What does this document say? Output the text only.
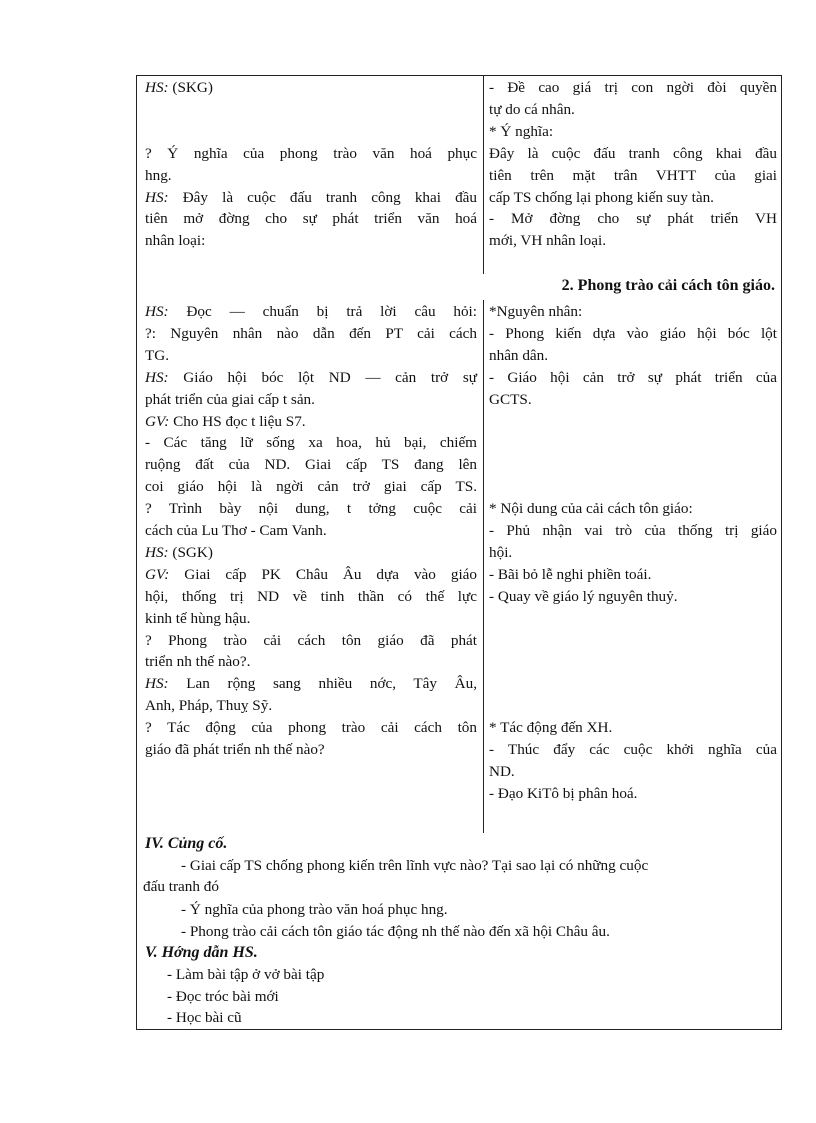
HS: (SKG)
? Ý nghĩa của phong trào văn hoá phục
hng.
HS: Đây là cuộc đấu tranh công khai đầu
tiên mở đờng cho sự phát triển văn hoá
nhân loại:
- Đề cao giá trị con ngời đòi quyền
tự do cá nhân.
* Ý nghĩa:
Đây là cuộc đấu tranh công khai đầu
tiên trên mặt trân VHTT của giai
cấp TS chống lại phong kiến suy tàn.
- Mở đờng cho sự phát triển VH
mới, VH nhân loại.
2. Phong trào cải cách tôn giáo.
HS: Đọc — chuẩn bị trả lời câu hỏi:
?: Nguyên nhân nào dẫn đến PT cải cách
TG.
HS: Giáo hội bóc lột ND — cản trở sự
phát triển của giai cấp t sản.
GV: Cho HS đọc t liệu S7.
- Các tăng lữ sống xa hoa, hủ bại, chiếm
ruộng đất của ND. Giai cấp TS đang lên
coi giáo hội là ngời cản trở giai cấp TS.
? Trình bày nội dung, t tởng cuộc cải
cách của Lu Thơ - Cam Vanh.
HS: (SGK)
GV: Giai cấp PK Châu Âu dựa vào giáo
hội, thống trị ND về tinh thần có thế lực
kinh tế hùng hậu.
? Phong trào cải cách tôn giáo đã phát
triển nh thế nào?.
HS: Lan rộng sang nhiều nớc, Tây Âu,
Anh, Pháp, Thuỵ Sỹ.
? Tác động của phong trào cải cách tôn
giáo đã phát triển nh thế nào?
*Nguyên nhân:
- Phong kiến dựa vào giáo hội bóc lột
nhân dân.
- Giáo hội cản trở sự phát triển của
GCTS.
* Nội dung của cải cách tôn giáo:
- Phủ nhận vai trò của thống trị giáo
hội.
- Bãi bỏ lễ nghi phiền toái.
- Quay về giáo lý nguyên thuỷ.
* Tác động đến XH.
- Thúc đẩy các cuộc khởi nghĩa của
ND.
- Đạo KiTô bị phân hoá.
IV. Củng cố.
- Giai cấp TS chống phong kiến trên lĩnh vực nào? Tại sao lại có những cuộc
đấu tranh đó
- Ý nghĩa của phong trào văn hoá phục hng.
- Phong trào cải cách tôn giáo tác động nh thế nào đến xã hội Châu âu.
V. Hớng dẫn HS.
- Làm bài tập ở vở bài tập
- Đọc tróc bài mới
- Học bài cũ
